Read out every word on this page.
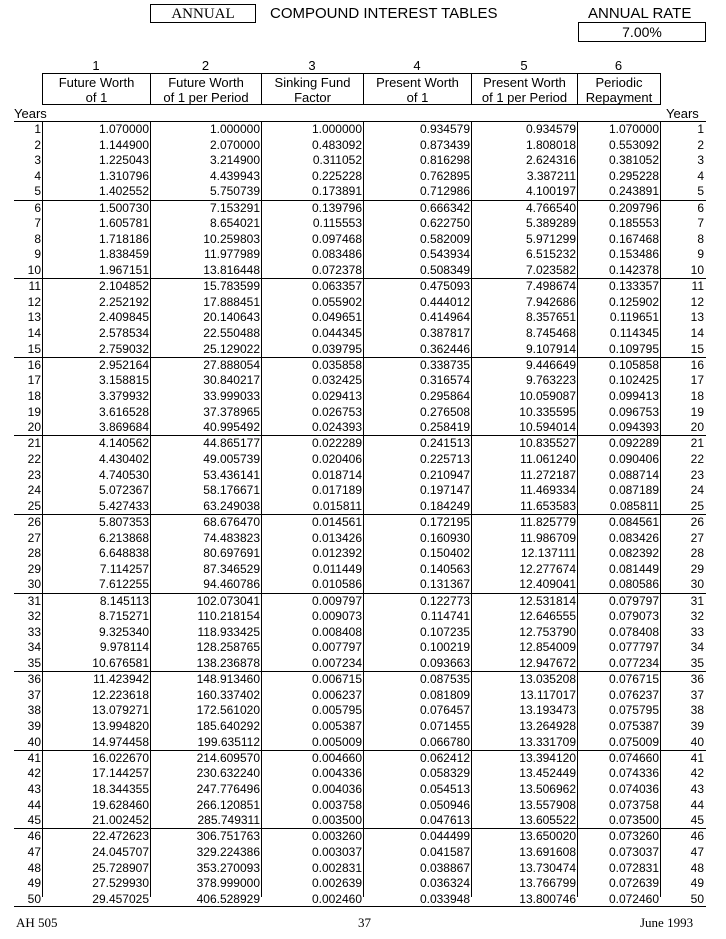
ANNUAL	COMPOUND INTEREST TABLES	ANNUAL RATE
7.00%
1	2	3	4	5	6
Future Worth
of 1
Future Worth
of 1 per Period
Sinking Fund
Factor
Present Worth
of 1
Present Worth
of 1 per Period
Periodic
Repayment
Years	Years
1	1.070000	1.000000	1.000000	0.934579	0.934579	1.070000	1
2	1.144900	2.070000	0.483092	0.873439	1.808018	0.553092	2
3	1.225043	3.214900	0.311052	0.816298	2.624316	0.381052	3
4	1.310796	4.439943	0.225228	0.762895	3.387211	0.295228	4
5	1.402552	5.750739	0.173891	0.712986	4.100197	0.243891	5
6	1.500730	7.153291	0.139796	0.666342	4.766540	0.209796	6
7	1.605781	8.654021	0.115553	0.622750	5.389289	0.185553	7
8	1.718186	10.259803	0.097468	0.582009	5.971299	0.167468	8
9	1.838459	11.977989	0.083486	0.543934	6.515232	0.153486	9
10	1.967151	13.816448	0.072378	0.508349	7.023582	0.142378	10
11	2.104852	15.783599	0.063357	0.475093	7.498674	0.133357	11
12	2.252192	17.888451	0.055902	0.444012	7.942686	0.125902	12
13	2.409845	20.140643	0.049651	0.414964	8.357651	0.119651	13
14	2.578534	22.550488	0.044345	0.387817	8.745468	0.114345	14
15	2.759032	25.129022	0.039795	0.362446	9.107914	0.109795	15
16	2.952164	27.888054	0.035858	0.338735	9.446649	0.105858	16
17	3.158815	30.840217	0.032425	0.316574	9.763223	0.102425	17
18	3.379932	33.999033	0.029413	0.295864	10.059087	0.099413	18
19	3.616528	37.378965	0.026753	0.276508	10.335595	0.096753	19
20	3.869684	40.995492	0.024393	0.258419	10.594014	0.094393	20
21	4.140562	44.865177	0.022289	0.241513	10.835527	0.092289	21
22	4.430402	49.005739	0.020406	0.225713	11.061240	0.090406	22
23	4.740530	53.436141	0.018714	0.210947	11.272187	0.088714	23
24	5.072367	58.176671	0.017189	0.197147	11.469334	0.087189	24
25	5.427433	63.249038	0.015811	0.184249	11.653583	0.085811	25
26	5.807353	68.676470	0.014561	0.172195	11.825779	0.084561	26
27	6.213868	74.483823	0.013426	0.160930	11.986709	0.083426	27
28	6.648838	80.697691	0.012392	0.150402	12.137111	0.082392	28
29	7.114257	87.346529	0.011449	0.140563	12.277674	0.081449	29
30	7.612255	94.460786	0.010586	0.131367	12.409041	0.080586	30
31	8.145113	102.073041	0.009797	0.122773	12.531814	0.079797	31
32	8.715271	110.218154	0.009073	0.114741	12.646555	0.079073	32
33	9.325340	118.933425	0.008408	0.107235	12.753790	0.078408	33
34	9.978114	128.258765	0.007797	0.100219	12.854009	0.077797	34
35	10.676581	138.236878	0.007234	0.093663	12.947672	0.077234	35
36	11.423942	148.913460	0.006715	0.087535	13.035208	0.076715	36
37	12.223618	160.337402	0.006237	0.081809	13.117017	0.076237	37
38	13.079271	172.561020	0.005795	0.076457	13.193473	0.075795	38
39	13.994820	185.640292	0.005387	0.071455	13.264928	0.075387	39
40	14.974458	199.635112	0.005009	0.066780	13.331709	0.075009	40
41	16.022670	214.609570	0.004660	0.062412	13.394120	0.074660	41
42	17.144257	230.632240	0.004336	0.058329	13.452449	0.074336	42
43	18.344355	247.776496	0.004036	0.054513	13.506962	0.074036	43
44	19.628460	266.120851	0.003758	0.050946	13.557908	0.073758	44
45	21.002452	285.749311	0.003500	0.047613	13.605522	0.073500	45
46	22.472623	306.751763	0.003260	0.044499	13.650020	0.073260	46
47	24.045707	329.224386	0.003037	0.041587	13.691608	0.073037	47
48	25.728907	353.270093	0.002831	0.038867	13.730474	0.072831	48
49	27.529930	378.999000	0.002639	0.036324	13.766799	0.072639	49
50	29.457025	406.528929	0.002460	0.033948	13.800746	0.072460	50
AH 505	37	June 1993
